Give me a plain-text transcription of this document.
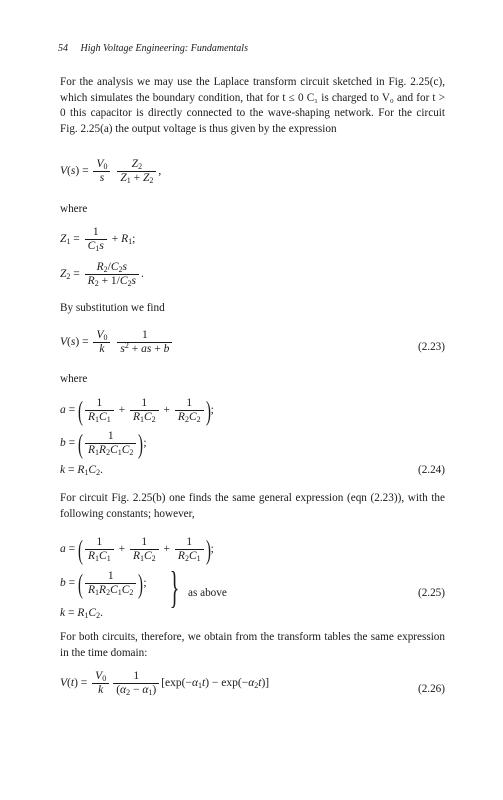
54 High Voltage Engineering: Fundamentals
For the analysis we may use the Laplace transform circuit sketched in Fig. 2.25(c), which simulates the boundary condition, that for t ≤ 0 C₁ is charged to V₀ and for t > 0 this capacitor is directly connected to the wave-shaping network. For the circuit Fig. 2.25(a) the output voltage is thus given by the expression
$V(s) = \frac{V_0}{s}$
$\frac{Z_2}{Z_1 + Z_2}$ ,
where
$Z_1 = \frac{1}{C_1s} + R_1$;
$Z_2 = \frac{R_2/C_2s}{R_2 + 1/C_2s}$ .
By substitution we find
$V(s) = \frac{V_0}{k}$
$\frac{1}{s^2 + as + b}$	(2.23)
where
a = ( $\frac{1}{R_1C_1} + \frac{1}{R_1C_2} + \frac{1}{R_2C_2}$ );
b = ( $\frac{1}{R_1R_2C_1C_2}$ );
$k = R_1C_2$.	(2.24)
For circuit Fig. 2.25(b) one finds the same general expression (eqn (2.23)), with the following constants; however,
a = ( $\frac{1}{R_1C_1} + \frac{1}{R_1C_2} + \frac{1}{R_2C_1}$ );
b = ( $\frac{1}{R_1R_2C_1C_2}$ ); } as above	(2.25)
$k = R_1C_2$.
For both circuits, therefore, we obtain from the transform tables the same expression in the time domain:
$V(t) = \frac{V_0}{k} \frac{1}{(\alpha_2 - \alpha_1)} [\exp(-\alpha_1t) - \exp(-\alpha_2t)]$	(2.26)
